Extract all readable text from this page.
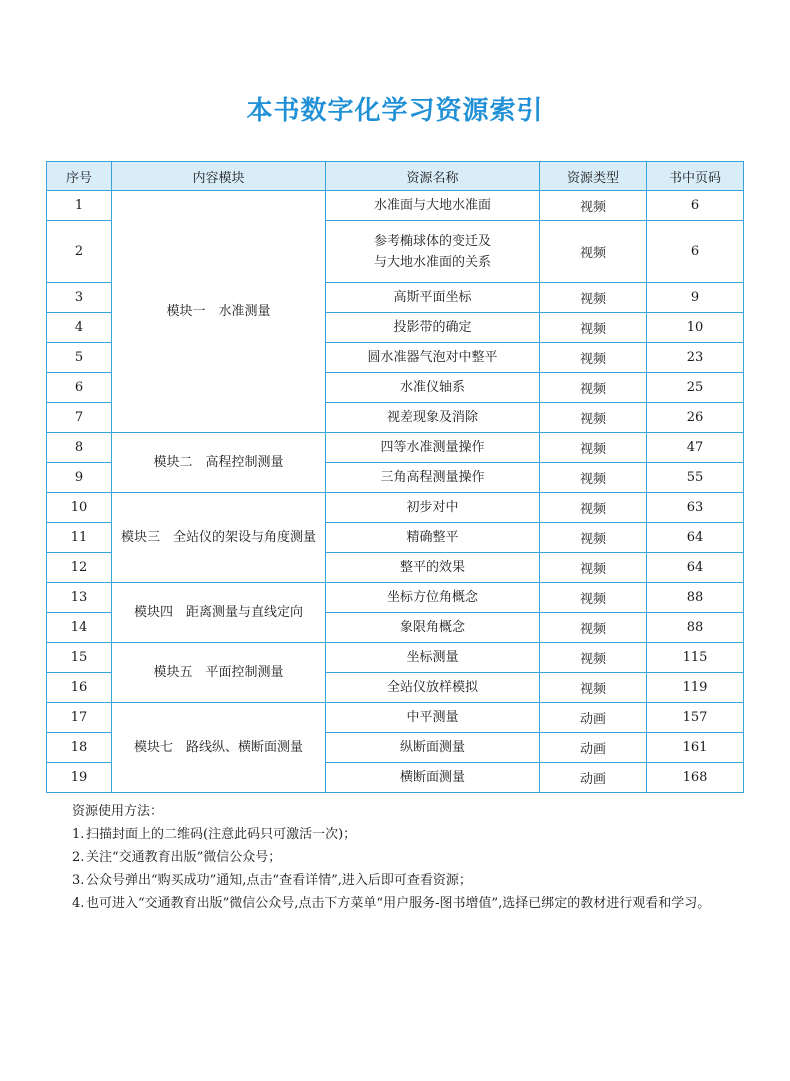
本书数字化学习资源索引
序号	内容模块	资源名称	资源类型	书中页码
1	模块一　水准测量	水准面与大地水准面	视频	6
2		参考椭球体的变迁及
与大地水准面的关系	视频	6
3		高斯平面坐标	视频	9
4		投影带的确定	视频	10
5		圆水准器气泡对中整平	视频	23
6		水准仪轴系	视频	25
7		视差现象及消除	视频	26
8	模块二　高程控制测量	四等水准测量操作	视频	47
9		三角高程测量操作	视频	55
10	模块三　全站仪的架设与角度测量	初步对中	视频	63
11		精确整平	视频	64
12		整平的效果	视频	64
13	模块四　距离测量与直线定向	坐标方位角概念	视频	88
14		象限角概念	视频	88
15	模块五　平面控制测量	坐标测量	视频	115
16		全站仪放样模拟	视频	119
17	模块七　路线纵、横断面测量	中平测量	动画	157
18		纵断面测量	动画	161
19		横断面测量	动画	168
资源使用方法：
1. 扫描封面上的二维码(注意此码只可激活一次)；
2. 关注“交通教育出版”微信公众号；
3. 公众号弹出“购买成功”通知,点击“查看详情”,进入后即可查看资源；
4. 也可进入“交通教育出版”微信公众号,点击下方菜单“用户服务-图书增值”,选择已绑定的教材进行观看和学习。
